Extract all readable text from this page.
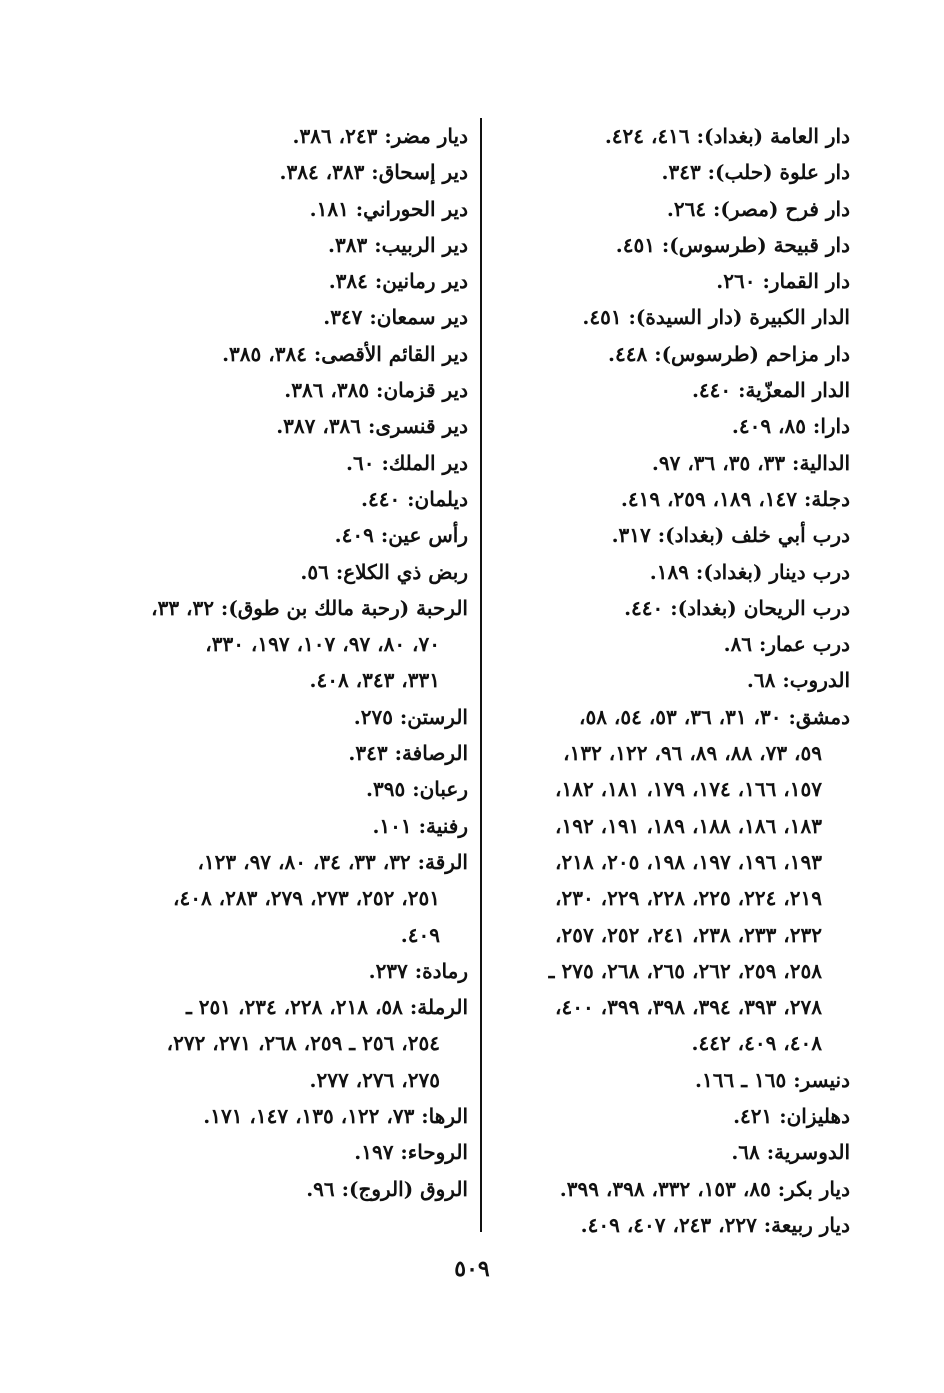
دار العامة (بغداد): ٤١٦، ٤٢٤.
دار علوة (حلب): ٣٤٣.
دار فرح (مصر): ٢٦٤.
دار قبيحة (طرسوس): ٤٥١.
دار القمار: ٢٦٠.
الدار الكبيرة (دار السيدة): ٤٥١.
دار مزاحم (طرسوس): ٤٤٨.
الدار المعزّية: ٤٤٠.
دارا: ٨٥، ٤٠٩.
الدالية: ٣٣، ٣٥، ٣٦، ٩٧.
دجلة: ١٤٧، ١٨٩، ٢٥٩، ٤١٩.
درب أبي خلف (بغداد): ٣١٧.
درب دينار (بغداد): ١٨٩.
درب الريحان (بغداد): ٤٤٠.
درب عمار: ٨٦.
الدروب: ٦٨.
دمشق: ٣٠، ٣١، ٣٦، ٥٣، ٥٤، ٥٨،
٥٩، ٧٣، ٨٨، ٨٩، ٩٦، ١٢٢، ١٣٢،
١٥٧، ١٦٦، ١٧٤، ١٧٩، ١٨١، ١٨٢،
١٨٣، ١٨٦، ١٨٨، ١٨٩، ١٩١، ١٩٢،
١٩٣، ١٩٦، ١٩٧، ١٩٨، ٢٠٥، ٢١٨،
٢١٩، ٢٢٤، ٢٢٥، ٢٢٨، ٢٢٩، ٢٣٠،
٢٣٢، ٢٣٣، ٢٣٨، ٢٤١، ٢٥٢، ٢٥٧،
٢٥٨، ٢٥٩، ٢٦٢، ٢٦٥، ٢٦٨، ٢٧٥ ـ
٢٧٨، ٣٩٣، ٣٩٤، ٣٩٨، ٣٩٩، ٤٠٠،
٤٠٨، ٤٠٩، ٤٤٢.
دنيسر: ١٦٥ ـ ١٦٦.
دهليزان: ٤٢١.
الدوسرية: ٦٨.
ديار بكر: ٨٥، ١٥٣، ٣٣٢، ٣٩٨، ٣٩٩.
ديار ربيعة: ٢٢٧، ٢٤٣، ٤٠٧، ٤٠٩.
ديار مضر: ٢٤٣، ٣٨٦.
دير إسحاق: ٣٨٣، ٣٨٤.
دير الحوراني: ١٨١.
دير الربيب: ٣٨٣.
دير رمانين: ٣٨٤.
دير سمعان: ٣٤٧.
دير القائم الأقصى: ٣٨٤، ٣٨٥.
دير قزمان: ٣٨٥، ٣٨٦.
دير قنسرى: ٣٨٦، ٣٨٧.
دير الملك: ٦٠.
ديلمان: ٤٤٠.
رأس عين: ٤٠٩.
ربض ذي الكلاع: ٥٦.
الرحبة (رحبة مالك بن طوق): ٣٢، ٣٣،
٧٠، ٨٠، ٩٧، ١٠٧، ١٩٧، ٣٣٠،
٣٣١، ٣٤٣، ٤٠٨.
الرستن: ٢٧٥.
الرصافة: ٣٤٣.
رعبان: ٣٩٥.
رفنية: ١٠١.
الرقة: ٣٢، ٣٣، ٣٤، ٨٠، ٩٧، ١٢٣،
٢٥١، ٢٥٢، ٢٧٣، ٢٧٩، ٢٨٣، ٤٠٨،
٤٠٩.
رمادة: ٢٣٧.
الرملة: ٥٨، ٢١٨، ٢٢٨، ٢٣٤، ٢٥١ ـ
٢٥٤، ٢٥٦ ـ ٢٥٩، ٢٦٨، ٢٧١، ٢٧٢،
٢٧٥، ٢٧٦، ٢٧٧.
الرها: ٧٣، ١٢٢، ١٣٥، ١٤٧، ١٧١.
الروحاء: ١٩٧.
الروق (الروج): ٩٦.
٥٠٩
